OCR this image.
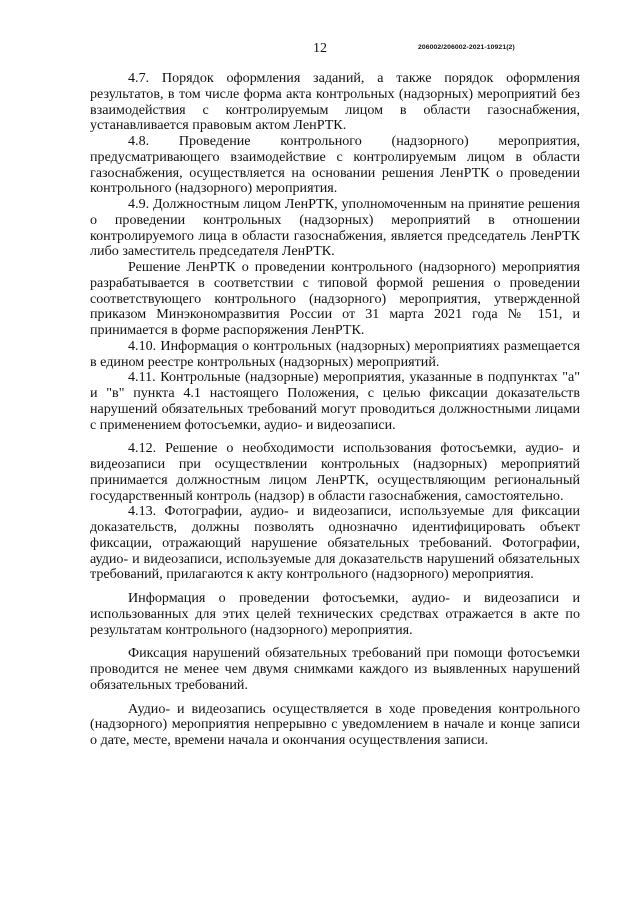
12	206002/206002-2021-10921(2)

4.7. Порядок оформления заданий, а также порядок оформления результатов, в том числе форма акта контрольных (надзорных) мероприятий без взаимодействия с контролируемым лицом в области газоснабжения, устанавливается правовым актом ЛенРТК.

4.8. Проведение контрольного (надзорного) мероприятия, предусматривающего взаимодействие с контролируемым лицом в области газоснабжения, осуществляется на основании решения ЛенРТК о проведении контрольного (надзорного) мероприятия.

4.9. Должностным лицом ЛенРТК, уполномоченным на принятие решения о проведении контрольных (надзорных) мероприятий в отношении контролируемого лица в области газоснабжения, является председатель ЛенРТК либо заместитель председателя ЛенРТК.

Решение ЛенРТК о проведении контрольного (надзорного) мероприятия разрабатывается в соответствии с типовой формой решения о проведении соответствующего контрольного (надзорного) мероприятия, утвержденной приказом Минэкономразвития России от 31 марта 2021 года № 151, и принимается в форме распоряжения ЛенРТК.

4.10. Информация о контрольных (надзорных) мероприятиях размещается в едином реестре контрольных (надзорных) мероприятий.

4.11. Контрольные (надзорные) мероприятия, указанные в подпунктах "а" и "в" пункта 4.1 настоящего Положения, с целью фиксации доказательств нарушений обязательных требований могут проводиться должностными лицами с применением фотосъемки, аудио- и видеозаписи.

4.12. Решение о необходимости использования фотосъемки, аудио- и видеозаписи при осуществлении контрольных (надзорных) мероприятий принимается должностным лицом ЛенРТК, осуществляющим региональный государственный контроль (надзор) в области газоснабжения, самостоятельно.

4.13. Фотографии, аудио- и видеозаписи, используемые для фиксации доказательств, должны позволять однозначно идентифицировать объект фиксации, отражающий нарушение обязательных требований. Фотографии, аудио- и видеозаписи, используемые для доказательств нарушений обязательных требований, прилагаются к акту контрольного (надзорного) мероприятия.

Информация о проведении фотосъемки, аудио- и видеозаписи и использованных для этих целей технических средствах отражается в акте по результатам контрольного (надзорного) мероприятия.

Фиксация нарушений обязательных требований при помощи фотосъемки проводится не менее чем двумя снимками каждого из выявленных нарушений обязательных требований.

Аудио- и видеозапись осуществляется в ходе проведения контрольного (надзорного) мероприятия непрерывно с уведомлением в начале и конце записи о дате, месте, времени начала и окончания осуществления записи.
